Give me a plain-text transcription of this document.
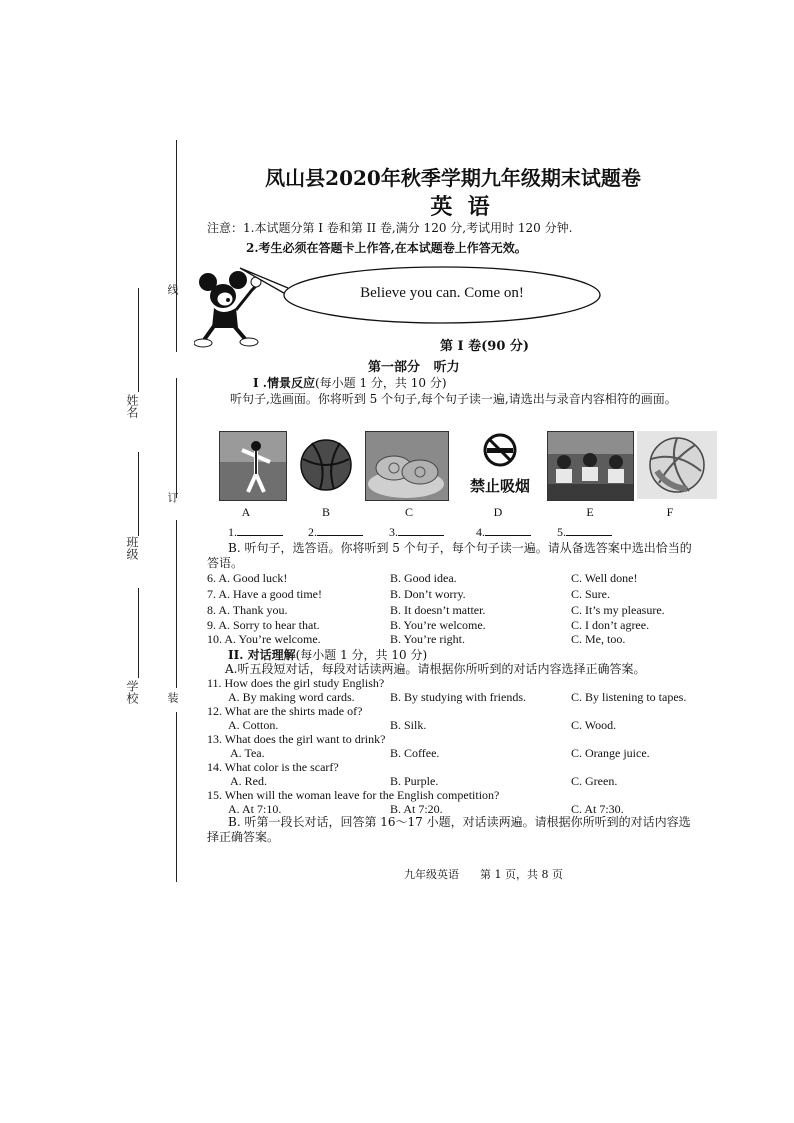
线
订
装
姓名
班级
学校
凤山县2020年秋季学期九年级期末试题卷
英  语
注意：1.本试题分第 I 卷和第 II 卷,满分 120 分,考试用时 120 分钟.
2.考生必须在答题卡上作答,在本试题卷上作答无效。
Believe you can. Come on!
第 I 卷(90 分)
第一部分   听力
I .情景反应(每小题 1 分，共 10 分)
听句子,选画面。你将听到 5 个句子,每个句子读一遍,请选出与录音内容相符的画面。
禁止吸烟
A	B	C	D	E	F
1.	2.	3.	4.	5.
B. 听句子，选答语。你将听到 5 个句子，每个句子读一遍。请从备选答案中选出恰当的答语。
6. A. Good luck!	B. Good idea.	C. Well done!
7. A. Have a good time!	B. Don’t worry.	C. Sure.
8. A. Thank you.	B. It doesn’t matter.	C. It’s my pleasure.
9. A. Sorry to hear that.	B. You’re welcome.	C. I don’t agree.
10. A. You’re welcome.	B. You’re right.	C. Me, too.
II. 对话理解(每小题 1 分，共 10 分)
A.听五段短对话，每段对话读两遍。请根据你所听到的对话内容选择正确答案。
11. How does the girl study English?
A. By making word cards.	B. By studying with friends.	C. By listening to tapes.
12. What are the shirts made of?
A. Cotton.	B. Silk.	C. Wood.
13. What does the girl want to drink?
A. Tea.	B. Coffee.	C. Orange juice.
14. What color is the scarf?
A. Red.	B. Purple.	C. Green.
15. When will the woman leave for the English competition?
A. At 7:10.	B. At 7:20.	C. At 7:30.
B. 听第一段长对话，回答第 16～17 小题，对话读两遍。请根据你所听到的对话内容选择正确答案。
九年级英语 第 1 页，共 8 页
